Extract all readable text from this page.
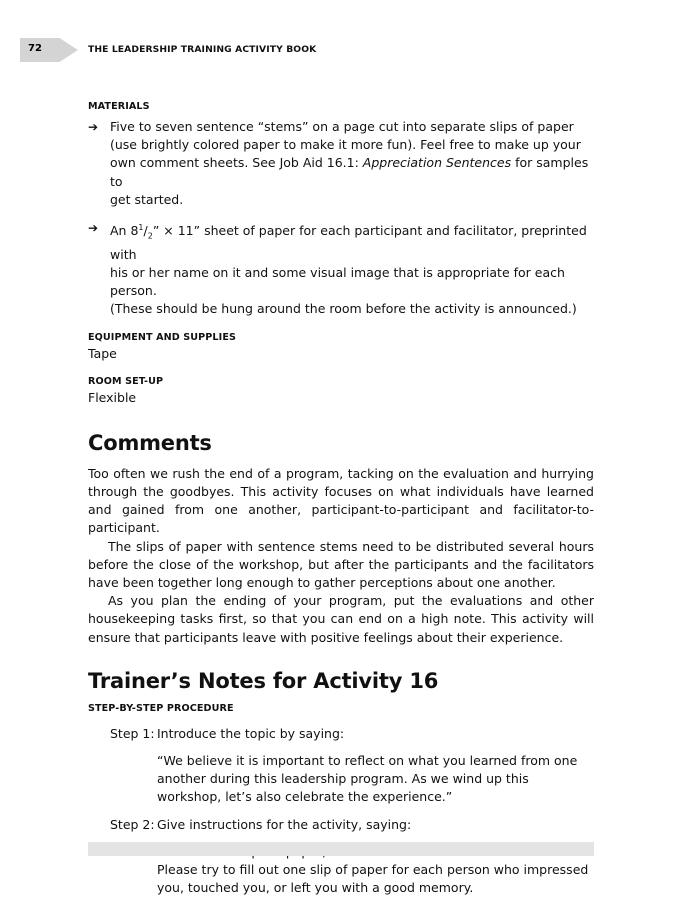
72	THE LEADERSHIP TRAINING ACTIVITY BOOK

MATERIALS

➔ Five to seven sentence “stems” on a page cut into separate slips of paper
(use brightly colored paper to make it more fun). Feel free to make up your
own comment sheets. See Job Aid 16.1: Appreciation Sentences for samples to
get started.
➔ An $8^1/_2$” × 11” sheet of paper for each participant and facilitator, preprinted with
his or her name on it and some visual image that is appropriate for each person.
(These should be hung around the room before the activity is announced.)

EQUIPMENT AND SUPPLIES

Tape

ROOM SET-UP

Flexible

Comments

Too often we rush the end of a program, tacking on the evaluation and hurrying through the goodbyes. This activity focuses on what individuals have learned and gained from one another, participant-to-participant and facilitator-to-participant.

The slips of paper with sentence stems need to be distributed several hours before the close of the workshop, but after the participants and the facilitators have been together long enough to gather perceptions about one another.

As you plan the ending of your program, put the evaluations and other housekeeping tasks first, so that you can end on a high note. This activity will ensure that participants leave with positive feelings about their experience.

Trainer’s Notes for Activity 16

STEP-BY-STEP PROCEDURE

Step 1: Introduce the topic by saying:

“We believe it is important to reflect on what you learned from one another during this leadership program. As we wind up this workshop, let’s also celebrate the experience.”

Step 2: Give instructions for the activity, saying:

Please try to fill out one slip of paper for each person who impressed you, touched you, or left you with a good memory.
